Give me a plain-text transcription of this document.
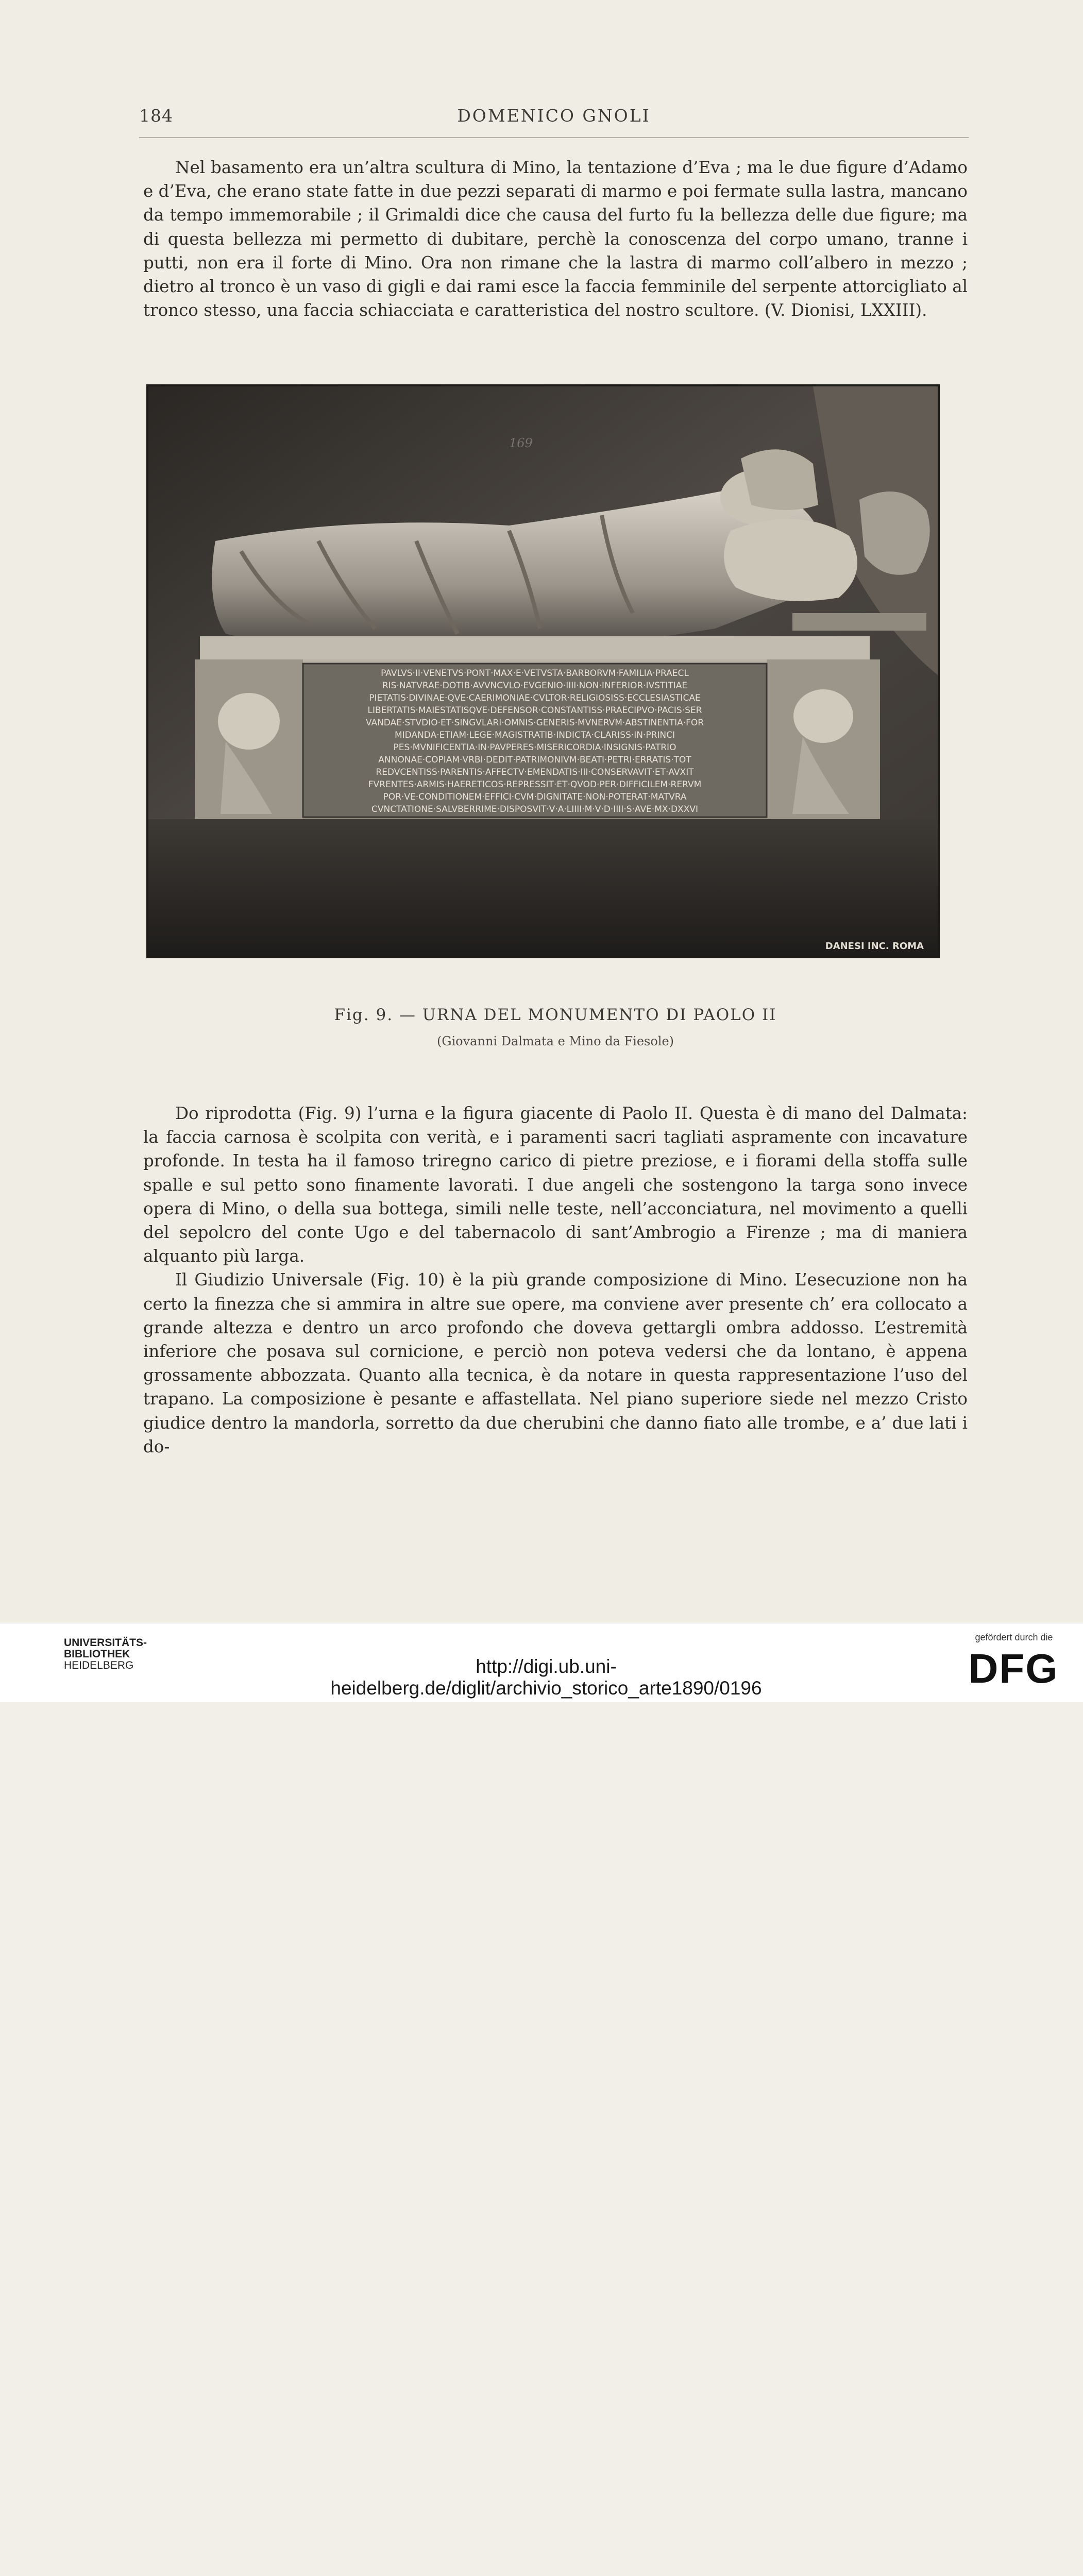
184	DOMENICO GNOLI

Nel basamento era un’altra scultura di Mino, la tentazione d’Eva ; ma le due figure d’Adamo e d’Eva, che erano state fatte in due pezzi separati di marmo e poi fermate sulla lastra, mancano da tempo immemorabile ; il Grimaldi dice che causa del furto fu la bellezza delle due figure; ma di questa bellezza mi permetto di dubitare, perchè la conoscenza del corpo umano, tranne i putti, non era il forte di Mino. Ora non rimane che la lastra di marmo coll’albero in mezzo ; dietro al tronco è un vaso di gigli e dai rami esce la faccia femminile del serpente attorcigliato al tronco stesso, una faccia schiacciata e caratteristica del nostro scultore. (V. Dionisi, LXXIII).

169
PAVLVS·II·VENETVS·PONT·MAX·E·VETVSTA·BARBORVM·FAMILIA·PRAECL
RIS·NATVRAE·DOTIB·AVVNCVLO·EVGENIO·IIII·NON·INFERIOR·IVSTITIAE
PIETATIS·DIVINAE·QVE·CAERIMONIAE·CVLTOR·RELIGIOSISS·ECCLESIASTICAE
LIBERTATIS·MAIESTATISQVE·DEFENSOR·CONSTANTISS·PRAECIPVO·PACIS·SER
VANDAE·STVDIO·ET·SINGVLARI·OMNIS·GENERIS·MVNERVM·ABSTINENTIA·FOR
MIDANDA·ETIAM·LEGE·MAGISTRATIB·INDICTA·CLARISS·IN·PRINCI
PES·MVNIFICENTIA·IN·PAVPERES·MISERICORDIA·INSIGNIS·PATRIO
ANNONAE·COPIAM·VRBI·DEDIT·PATRIMONIVM·BEATI·PETRI·ERRATIS·TOT
REDVCENTISS·PARENTIS·AFFECTV·EMENDATIS·III·CONSERVAVIT·ET·AVXIT
FVRENTES·ARMIS·HAERETICOS·REPRESSIT·ET·QVOD·PER·DIFFICILEM·RERVM
POR·VE·CONDITIONEM·EFFICI·CVM·DIGNITATE·NON·POTERAT·MATVRA
CVNCTATIONE·SALVBERRIME·DISPOSVIT·V·A·LIIII·M·V·D·IIII·S·AVE·MX·DXXVI
DANESI INC. ROMA
Fig. 9. — URNA DEL MONUMENTO DI PAOLO II
(Giovanni Dalmata e Mino da Fiesole)

Do riprodotta (Fig. 9) l’urna e la figura giacente di Paolo II. Questa è di mano del Dalmata: la faccia carnosa è scolpita con verità, e i paramenti sacri tagliati aspramente con incavature profonde. In testa ha il famoso triregno carico di pietre preziose, e i fiorami della stoffa sulle spalle e sul petto sono finamente lavorati. I due angeli che sostengono la targa sono invece opera di Mino, o della sua bottega, simili nelle teste, nell’acconciatura, nel movimento a quelli del sepolcro del conte Ugo e del tabernacolo di sant’Ambrogio a Firenze ; ma di maniera alquanto più larga.

Il Giudizio Universale (Fig. 10) è la più grande composizione di Mino. L’esecuzione non ha certo la finezza che si ammira in altre sue opere, ma conviene aver presente ch’ era collocato a grande altezza e dentro un arco profondo che doveva gettargli ombra addosso. L’estremità inferiore che posava sul cornicione, e perciò non poteva vedersi che da lontano, è appena grossamente abbozzata. Quanto alla tecnica, è da notare in questa rappresentazione l’uso del trapano. La composizione è pesante e affastellata. Nel piano superiore siede nel mezzo Cristo giudice dentro la mandorla, sorretto da due cherubini che danno fiato alle trombe, e a’ due lati i do-

UNIVERSITÄTS-
BIBLIOTHEK
HEIDELBERG	http://digi.ub.uni-heidelberg.de/diglit/archivio_storico_arte1890/0196
gefördert durch die
DFG
